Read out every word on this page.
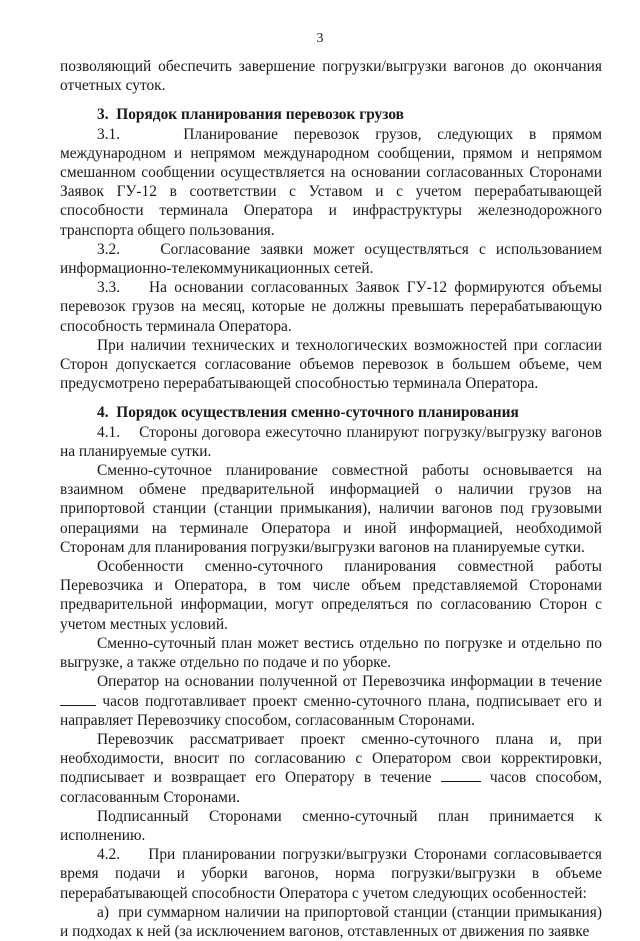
3

позволяющий обеспечить завершение погрузки/выгрузки вагонов до окончания отчетных суток.

3.  Порядок планирования перевозок грузов

3.1.    Планирование перевозок грузов, следующих в прямом международном и непрямом международном сообщении, прямом и непрямом смешанном сообщении осуществляется на основании согласованных Сторонами Заявок ГУ-12 в соответствии с Уставом и с учетом перерабатывающей способности терминала Оператора и инфраструктуры железнодорожного транспорта общего пользования.

3.2.    Согласование заявки может осуществляться с использованием информационно-телекоммуникационных сетей.

3.3.    На основании согласованных Заявок ГУ-12 формируются объемы перевозок грузов на месяц, которые не должны превышать перерабатывающую способность терминала Оператора.

При наличии технических и технологических возможностей при согласии Сторон допускается согласование объемов перевозок в большем объеме, чем предусмотрено перерабатывающей способностью терминала Оператора.

4.  Порядок осуществления сменно-суточного планирования

4.1.    Стороны договора ежесуточно планируют погрузку/выгрузку вагонов на планируемые сутки.

Сменно-суточное планирование совместной работы основывается на взаимном обмене предварительной информацией о наличии грузов на припортовой станции (станции примыкания), наличии вагонов под грузовыми операциями на терминале Оператора и иной информацией, необходимой Сторонам для планирования погрузки/выгрузки вагонов на планируемые сутки.

Особенности сменно-суточного планирования совместной работы Перевозчика и Оператора, в том числе объем представляемой Сторонами предварительной информации, могут определяться по согласованию Сторон с учетом местных условий.

Сменно-суточный план может вестись отдельно по погрузке и отдельно по выгрузке, а также отдельно по подаче и по уборке.

Оператор на основании полученной от Перевозчика информации в течение  часов подготавливает проект сменно-суточного плана, подписывает его и направляет Перевозчику способом, согласованным Сторонами.

Перевозчик рассматривает проект сменно-суточного плана и, при необходимости, вносит по согласованию с Оператором свои корректировки, подписывает и возвращает его Оператору в течение	часов способом, согласованным Сторонами.

Подписанный Сторонами сменно-суточный план принимается к исполнению.

4.2.    При планировании погрузки/выгрузки Сторонами согласовывается время подачи и уборки вагонов, норма погрузки/выгрузки в объеме перерабатывающей способности Оператора с учетом следующих особенностей:

а)  при суммарном наличии на припортовой станции (станции примыкания) и подходах к ней (за исключением вагонов, отставленных от движения по заявке
